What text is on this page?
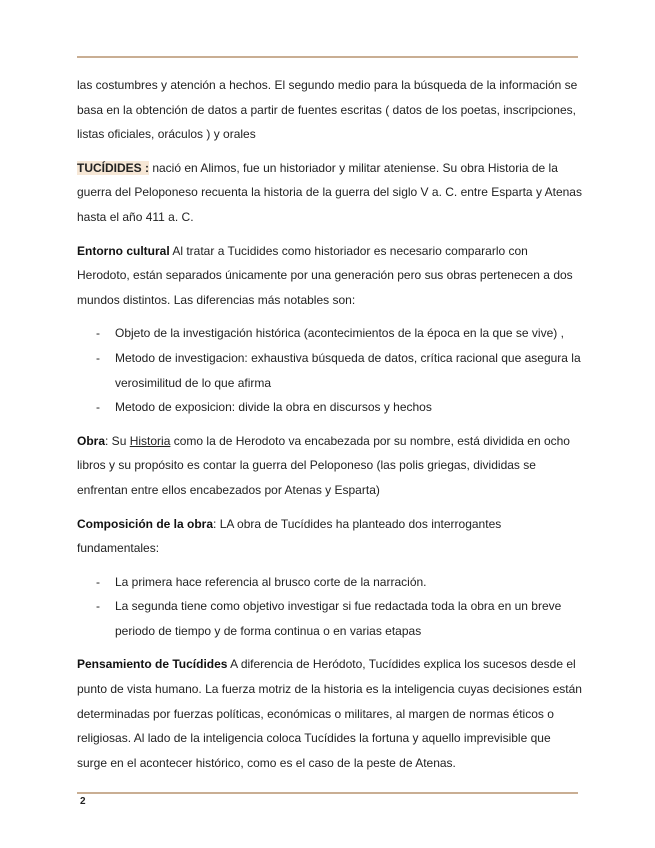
las costumbres y atención a hechos. El segundo medio para la búsqueda de la información se basa en la obtención de datos a partir de fuentes escritas ( datos de los poetas, inscripciones, listas oficiales, oráculos ) y orales

TUCÍDIDES : nació en Alimos, fue un historiador y militar ateniense. Su obra Historia de la guerra del Peloponeso recuenta la historia de la guerra del siglo V a. C. entre Esparta y Atenas hasta el año 411 a. C.

Entorno cultural Al tratar a Tucidides como historiador es necesario compararlo con Herodoto, están separados únicamente por una generación pero sus obras pertenecen a dos mundos distintos. Las diferencias más notables son:

- Objeto de la investigación histórica (acontecimientos de la época en la que se vive) ,
- Metodo de investigacion: exhaustiva búsqueda de datos, crítica racional que asegura la verosimilitud de lo que afirma
- Metodo de exposicion: divide la obra en discursos y hechos

Obra: Su Historia como la de Herodoto va encabezada por su nombre, está dividida en ocho libros y su propósito es contar la guerra del Peloponeso (las polis griegas, divididas se enfrentan entre ellos encabezados por Atenas y Esparta)

Composición de la obra: LA obra de Tucídides ha planteado dos interrogantes fundamentales:

- La primera hace referencia al brusco corte de la narración.
- La segunda tiene como objetivo investigar si fue redactada toda la obra en un breve periodo de tiempo y de forma continua o en varias etapas

Pensamiento de Tucídides A diferencia de Heródoto, Tucídides explica los sucesos desde el punto de vista humano. La fuerza motriz de la historia es la inteligencia cuyas decisiones están determinadas por fuerzas políticas, económicas o militares, al margen de normas éticos o religiosas. Al lado de la inteligencia coloca Tucídides la fortuna y aquello imprevisible que surge en el acontecer histórico, como es el caso de la peste de Atenas.

2
